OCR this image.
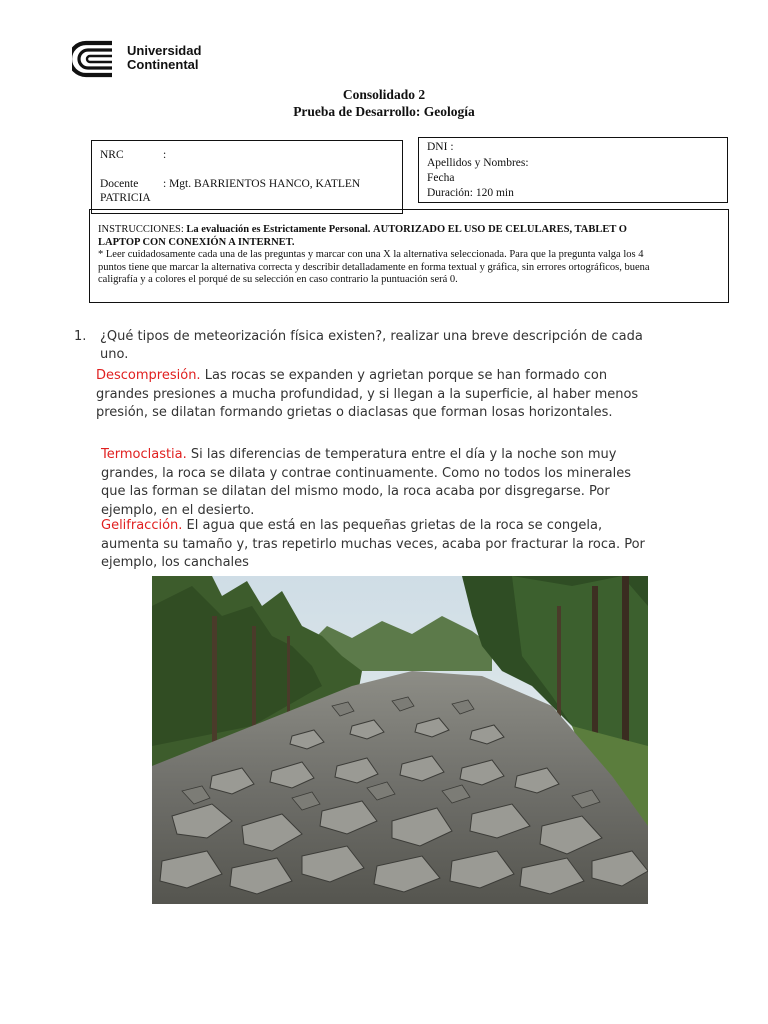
Universidad
Continental
Consolidado 2
Prueba de Desarrollo: Geología
NRC	:
Docente : Mgt. BARRIENTOS HANCO, KATLEN
PATRICIA
DNI :
Apellidos y Nombres:
Fecha
Duración: 120 min
INSTRUCCIONES: La evaluación es Estrictamente Personal. AUTORIZADO EL USO DE CELULARES, TABLET O
LAPTOP CON CONEXIÓN A INTERNET.
* Leer cuidadosamente cada una de las preguntas y marcar con una X la alternativa seleccionada. Para que la pregunta valga los 4
puntos tiene que marcar la alternativa correcta y describir detalladamente en forma textual y gráfica, sin errores ortográficos, buena
caligrafía y a colores el porqué de su selección en caso contrario la puntuación será 0.
1. ¿Qué tipos de meteorización física existen?, realizar una breve descripción de cada
uno.
Descompresión. Las rocas se expanden y agrietan porque se han formado con
grandes presiones a mucha profundidad, y si llegan a la superficie, al haber menos
presión, se dilatan formando grietas o diaclasas que forman losas horizontales.
Termoclastia. Si las diferencias de temperatura entre el día y la noche son muy
grandes, la roca se dilata y contrae continuamente. Como no todos los minerales
que las forman se dilatan del mismo modo, la roca acaba por disgregarse. Por
ejemplo, en el desierto.
Gelifracción. El agua que está en las pequeñas grietas de la roca se congela,
aumenta su tamaño y, tras repetirlo muchas veces, acaba por fracturar la roca. Por
ejemplo, los canchales
